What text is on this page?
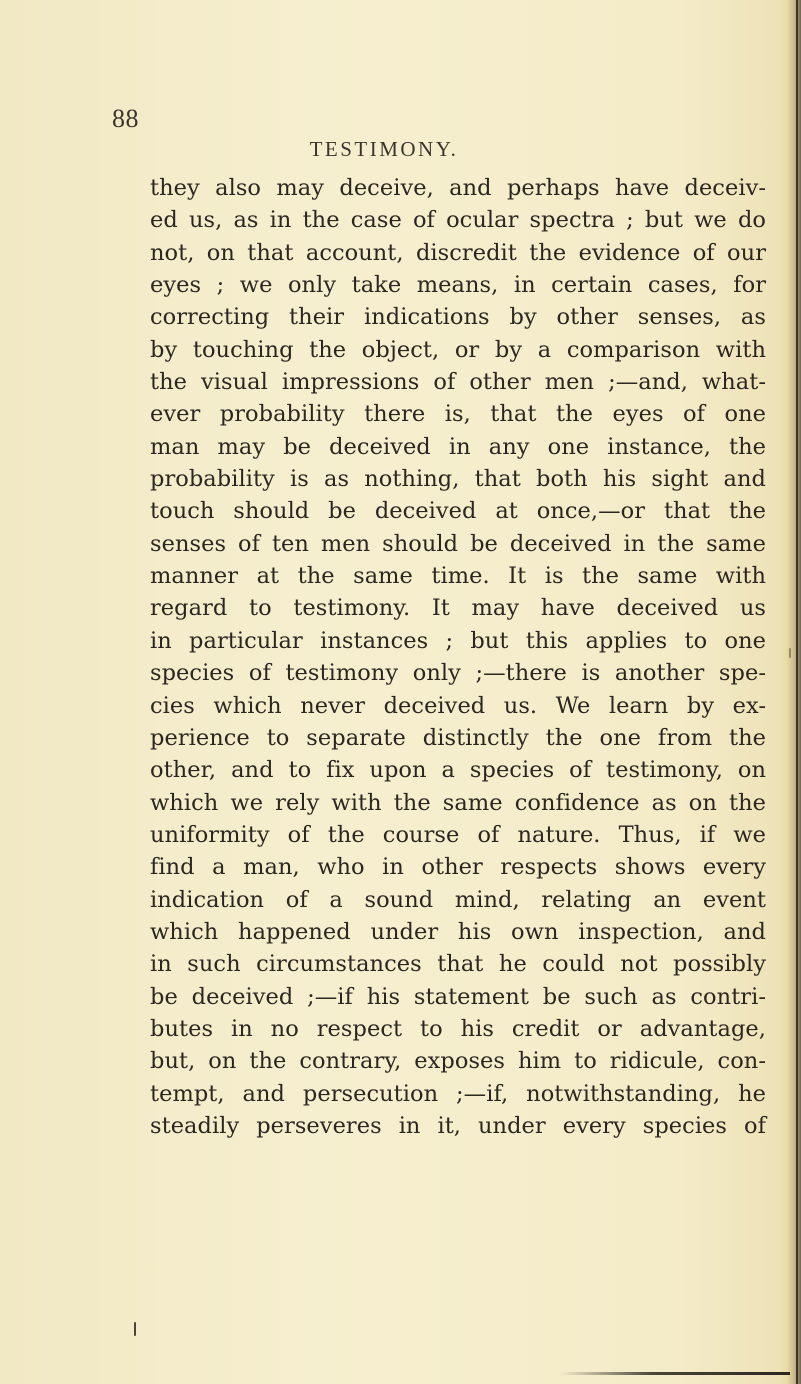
88
TESTIMONY.
they also may deceive, and perhaps have deceiv-
ed us, as in the case of ocular spectra ; but we do
not, on that account, discredit the evidence of our
eyes ; we only take means, in certain cases, for
correcting their indications by other senses, as
by touching the object, or by a comparison with
the visual impressions of other men ;—and, what-
ever probability there is, that the eyes of one
man may be deceived in any one instance, the
probability is as nothing, that both his sight and
touch should be deceived at once,—or that the
senses of ten men should be deceived in the same
manner at the same time. It is the same with
regard to testimony. It may have deceived us
in particular instances ; but this applies to one
species of testimony only ;—there is another spe-
cies which never deceived us. We learn by ex-
perience to separate distinctly the one from the
other, and to fix upon a species of testimony, on
which we rely with the same confidence as on the
uniformity of the course of nature. Thus, if we
find a man, who in other respects shows every
indication of a sound mind, relating an event
which happened under his own inspection, and
in such circumstances that he could not possibly
be deceived ;—if his statement be such as contri-
butes in no respect to his credit or advantage,
but, on the contrary, exposes him to ridicule, con-
tempt, and persecution ;—if, notwithstanding, he
steadily perseveres in it, under every species of
